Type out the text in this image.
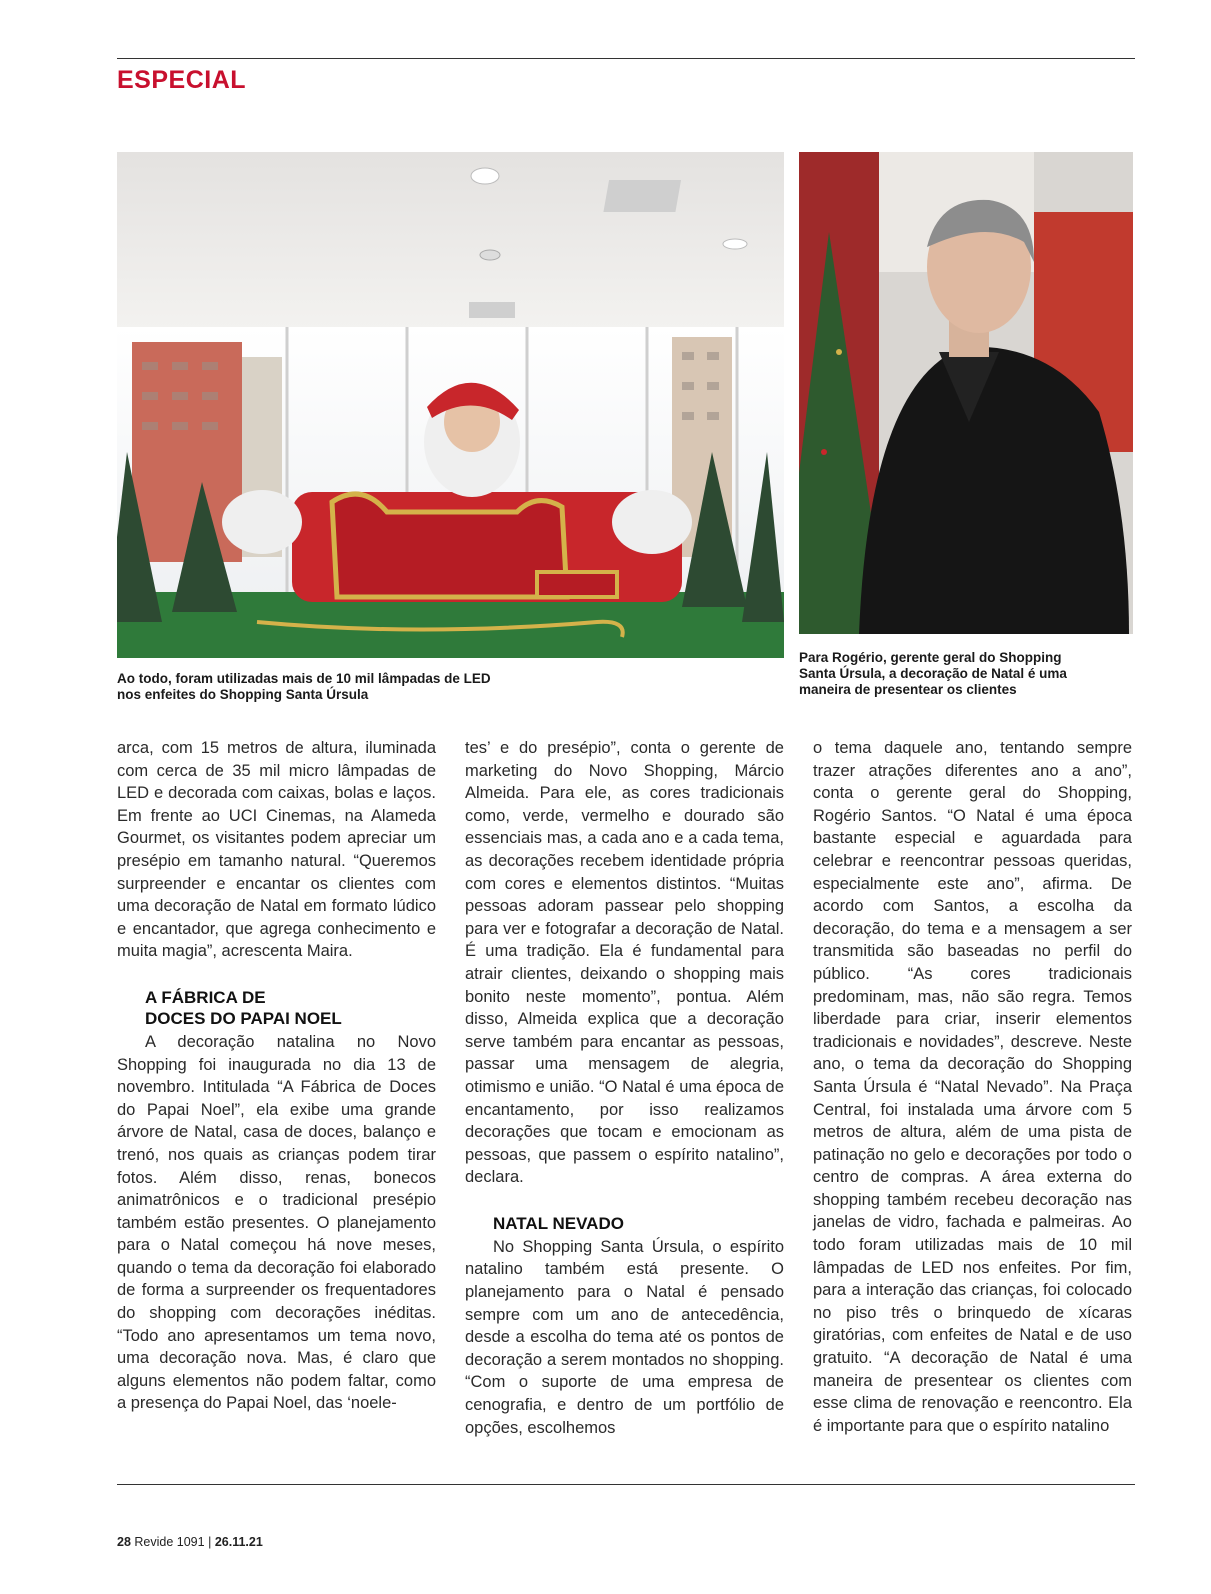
ESPECIAL
Ao todo, foram utilizadas mais de 10 mil lâmpadas de LED nos enfeites do Shopping Santa Úrsula
Para Rogério, gerente geral do Shopping Santa Úrsula, a decoração de Natal é uma maneira de presentear os clientes

arca, com 15 metros de altura, iluminada com cerca de 35 mil micro lâmpadas de LED e decorada com caixas, bolas e laços. Em frente ao UCI Cinemas, na Alameda Gourmet, os visitantes podem apreciar um presépio em tamanho natural. “Queremos surpreender e encantar os clientes com uma decoração de Natal em formato lúdico e encantador, que agrega conhecimento e muita magia”, acrescenta Maira.

A FÁBRICA DE
DOCES DO PAPAI NOEL

A decoração natalina no Novo Shopping foi inaugurada no dia 13 de novembro. Intitulada “A Fábrica de Doces do Papai Noel”, ela exibe uma grande árvore de Natal, casa de doces, balanço e trenó, nos quais as crianças podem tirar fotos. Além disso, renas, bonecos animatrônicos e o tradicional presépio também estão presentes. O planejamento para o Natal começou há nove meses, quando o tema da decoração foi elaborado de forma a surpreender os frequentadores do shopping com decorações inéditas. “Todo ano apresentamos um tema novo, uma decoração nova. Mas, é claro que alguns elementos não podem faltar, como a presença do Papai Noel, das ‘noele-

tes’ e do presépio”, conta o gerente de marketing do Novo Shopping, Márcio Almeida. Para ele, as cores tradicionais como, verde, vermelho e dourado são essenciais mas, a cada ano e a cada tema, as decorações recebem identidade própria com cores e elementos distintos. “Muitas pessoas adoram passear pelo shopping para ver e fotografar a decoração de Natal. É uma tradição. Ela é fundamental para atrair clientes, deixando o shopping mais bonito neste momento”, pontua. Além disso, Almeida explica que a decoração serve também para encantar as pessoas, passar uma mensagem de alegria, otimismo e união. “O Natal é uma época de encantamento, por isso realizamos decorações que tocam e emocionam as pessoas, que passem o espírito natalino”, declara.

NATAL NEVADO

No Shopping Santa Úrsula, o espírito natalino também está presente. O planejamento para o Natal é pensado sempre com um ano de antecedência, desde a escolha do tema até os pontos de decoração a serem montados no shopping. “Com o suporte de uma empresa de cenografia, e dentro de um portfólio de opções, escolhemos

o tema daquele ano, tentando sempre trazer atrações diferentes ano a ano”, conta o gerente geral do Shopping, Rogério Santos. “O Natal é uma época bastante especial e aguardada para celebrar e reencontrar pessoas queridas, especialmente este ano”, afirma. De acordo com Santos, a escolha da decoração, do tema e a mensagem a ser transmitida são baseadas no perfil do público. “As cores tradicionais predominam, mas, não são regra. Temos liberdade para criar, inserir elementos tradicionais e novidades”, descreve. Neste ano, o tema da decoração do Shopping Santa Úrsula é “Natal Nevado”. Na Praça Central, foi instalada uma árvore com 5 metros de altura, além de uma pista de patinação no gelo e decorações por todo o centro de compras. A área externa do shopping também recebeu decoração nas janelas de vidro, fachada e palmeiras. Ao todo foram utilizadas mais de 10 mil lâmpadas de LED nos enfeites. Por fim, para a interação das crianças, foi colocado no piso três o brinquedo de xícaras giratórias, com enfeites de Natal e de uso gratuito. “A decoração de Natal é uma maneira de presentear os clientes com esse clima de renovação e reencontro. Ela é importante para que o espírito natalino

28 Revide 1091 | 26.11.21
